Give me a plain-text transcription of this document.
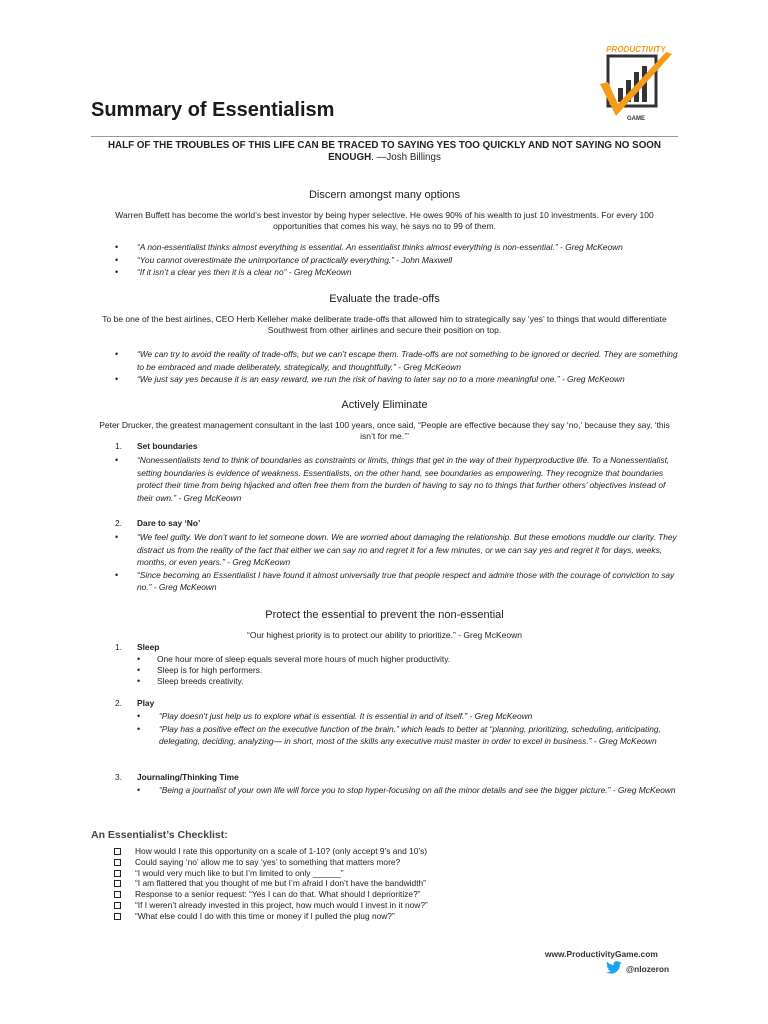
PRODUCTIVITY
GAME
Summary of Essentialism
HALF OF THE TROUBLES OF THIS LIFE CAN BE TRACED TO SAYING YES TOO QUICKLY AND NOT SAYING NO SOON ENOUGH. —Josh Billings
Discern amongst many options
Warren Buffett has become the world’s best investor by being hyper selective. He owes 90% of his wealth to just 10 investments. For every 100 opportunities that comes his way, he says no to 99 of them.
• “A non-essentialist thinks almost everything is essential. An essentialist thinks almost everything is non-essential.” - Greg McKeown
• “You cannot overestimate the unimportance of practically everything.” - John Maxwell
• “If it isn’t a clear yes then it is a clear no” - Greg McKeown
Evaluate the trade-offs
To be one of the best airlines, CEO Herb Kelleher make deliberate trade-offs that allowed him to strategically say ‘yes’ to things that would differentiate Southwest from other airlines and secure their position on top.
• “We can try to avoid the reality of trade-offs, but we can’t escape them. Trade-offs are not something to be ignored or decried. They are something to be embraced and made deliberately, strategically, and thoughtfully.” - Greg McKeown
• “We just say yes because it is an easy reward, we run the risk of having to later say no to a more meaningful one.” - Greg McKeown
Actively Eliminate
Peter Drucker, the greatest management consultant in the last 100 years, once said, “People are effective because they say ‘no,’ because they say, ‘this isn’t for me.’”
1. Set boundaries
• “Nonessentialists tend to think of boundaries as constraints or limits, things that get in the way of their hyperproductive life. To a Nonessentialist, setting boundaries is evidence of weakness. Essentialists, on the other hand, see boundaries as empowering. They recognize that boundaries protect their time from being hijacked and often free them from the burden of having to say no to things that further others’ objectives instead of their own.” - Greg McKeown
2. Dare to say ‘No’
• “We feel guilty. We don’t want to let someone down. We are worried about damaging the relationship. But these emotions muddle our clarity. They distract us from the reality of the fact that either we can say no and regret it for a few minutes, or we can say yes and regret it for days, weeks, months, or even years.” - Greg McKeown
• “Since becoming an Essentialist I have found it almost universally true that people respect and admire those with the courage of conviction to say no.” - Greg McKeown
Protect the essential to prevent the non-essential
“Our highest priority is to protect our ability to prioritize.” - Greg McKeown
1. Sleep
• One hour more of sleep equals several more hours of much higher productivity.
• Sleep is for high performers.
• Sleep breeds creativity.
2. Play
• “Play doesn’t just help us to explore what is essential. It is essential in and of itself.” - Greg McKeown
• “Play has a positive effect on the executive function of the brain.” which leads to better at “planning, prioritizing, scheduling, anticipating, delegating, deciding, analyzing— in short, most of the skills any executive must master in order to excel in business.” - Greg McKeown
3. Journaling/Thinking Time
• “Being a journalist of your own life will force you to stop hyper-focusing on all the minor details and see the bigger picture.” - Greg McKeown
An Essentialist’s Checklist:
How would I rate this opportunity on a scale of 1-10? (only accept 9’s and 10’s)
Could saying ‘no’ allow me to say ‘yes’ to something that matters more?
“I would very much like to but I’m limited to only ______”
“I am flattered that you thought of me but I’m afraid I don’t have the bandwidth”
Response to a senior request: “Yes I can do that. What should I deprioritize?”
“If I weren’t already invested in this project, how much would I invest in it now?”
“What else could I do with this time or money if I pulled the plug now?”
www.ProductivityGame.com
@nlozeron
